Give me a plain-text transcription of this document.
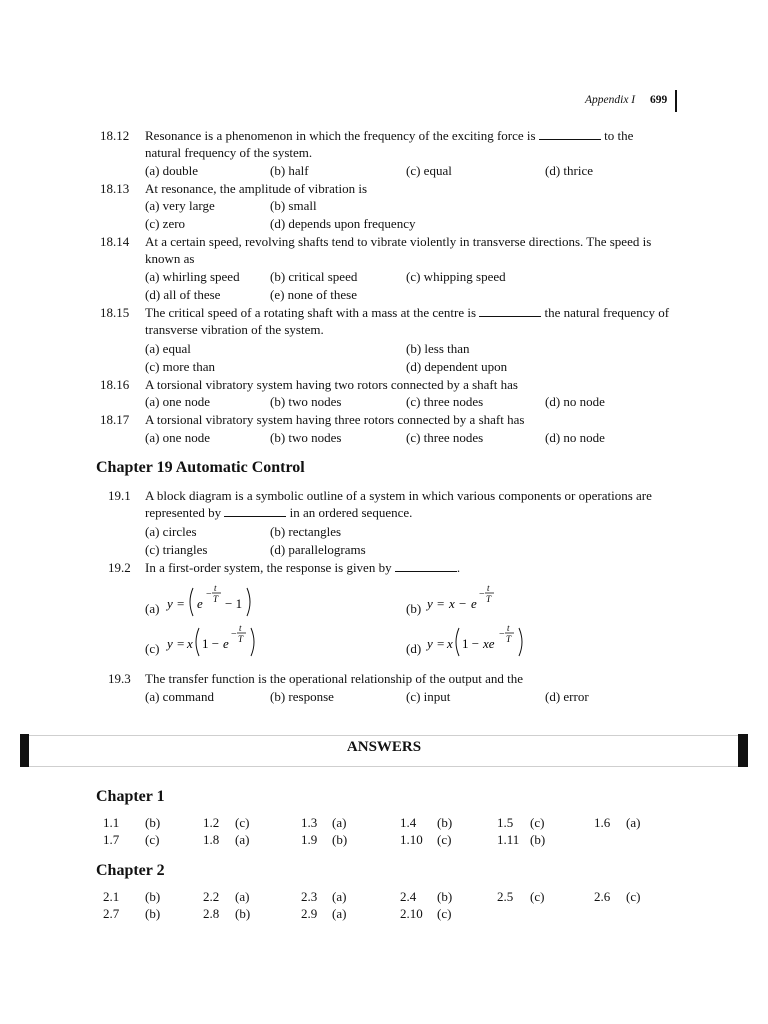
Appendix I 699
18.12	Resonance is a phenomenon in which the frequency of the exciting force is	to the
natural frequency of the system.
(a) double	(b) half	(c) equal	(d) thrice
18.13	At resonance, the amplitude of vibration is
(a) very large	(b) small
(c) zero	(d) depends upon frequency
18.14	At a certain speed, revolving shafts tend to vibrate violently in transverse directions. The speed is
known as
(a) whirling speed (b) critical speed	(c) whipping speed
(d) all of these	(e) none of these
18.15	The critical speed of a rotating shaft with a mass at the centre is	the natural frequency of
transverse vibration of the system.
(a) equal	(b) less than
(c) more than	(d) dependent upon
18.16	A torsional vibratory system having two rotors connected by a shaft has
(a) one node	(b) two nodes	(c) three nodes	(d) no node
18.17	A torsional vibratory system having three rotors connected by a shaft has
(a) one node	(b) two nodes	(c) three nodes	(d) no node
Chapter 19 Automatic Control
19.1	A block diagram is a symbolic outline of a system in which various components or operations are
represented by	in an ordered sequence.
(a) circles	(b) rectangles
(c) triangles	(d) parallelograms
19.2	In a first-order system, the response is given by	.
(a) y = e
−
t
T − 1	(b) y = x − e
−
t
T
(c) y = x 1 − e
−
t
T
(d) y = x 1 − xe
−
t
T
19.3	The transfer function is the operational relationship of the output and the
(a) command	(b) response	(c) input	(d) error
ANSWERS
Chapter 1
1.1 (b)	1.2 (c)	1.3 (a)	1.4 (b)	1.5 (c)	1.6 (a)
1.7 (c)	1.8 (a)	1.9 (b)	1.10 (c)	1.11 (b)
Chapter 2
2.1 (b)	2.2 (a)	2.3 (a)	2.4 (b)	2.5 (c)	2.6 (c)
2.7 (b)	2.8 (b)	2.9 (a)	2.10 (c)
